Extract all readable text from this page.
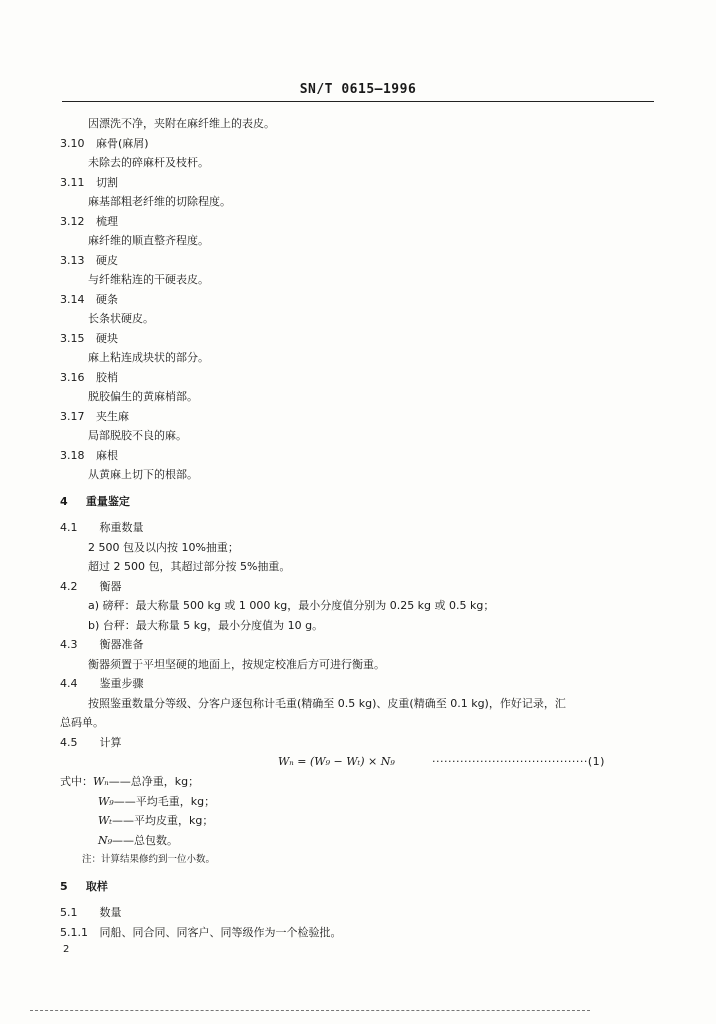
SN/T 0615—1996
因漂洗不净，夹附在麻纤维上的表皮。
3.10 麻骨(麻屑)
未除去的碎麻杆及枝杆。
3.11 切割
麻基部粗老纤维的切除程度。
3.12 梳理
麻纤维的顺直整齐程度。
3.13 硬皮
与纤维粘连的干硬表皮。
3.14 硬条
长条状硬皮。
3.15 硬块
麻上粘连成块状的部分。
3.16 胶梢
脱胶偏生的黄麻梢部。
3.17 夹生麻
局部脱胶不良的麻。
3.18 麻根
从黄麻上切下的根部。
4 重量鉴定
4.1 称重数量
2 500 包及以内按 10%抽重；
超过 2 500 包，其超过部分按 5%抽重。
4.2 衡器
a) 磅秤：最大称量 500 kg 或 1 000 kg，最小分度值分别为 0.25 kg 或 0.5 kg；
b) 台秤：最大称量 5 kg，最小分度值为 10 g。
4.3 衡器准备
衡器须置于平坦坚硬的地面上，按规定校准后方可进行衡重。
4.4 鉴重步骤
按照鉴重数量分等级、分客户逐包称计毛重(精确至 0.5 kg)、皮重(精确至 0.1 kg)，作好记录，汇
总码单。
4.5 计算
Wₙ = (W₉ − Wₜ) × N₉	·······································(1)
式中：Wₙ——总净重，kg；
W₉——平均毛重，kg；
Wₜ——平均皮重，kg；
N₉——总包数。
注：计算结果修约到一位小数。
5 取样
5.1 数量
5.1.1 同船、同合同、同客户、同等级作为一个检验批。
2
